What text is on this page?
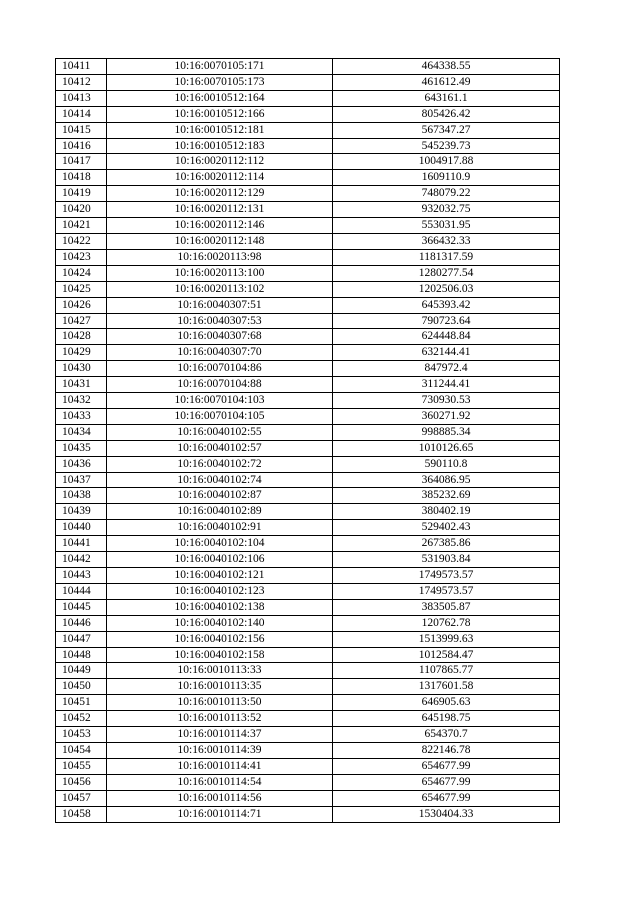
10411	10:16:0070105:171	464338.55
10412	10:16:0070105:173	461612.49
10413	10:16:0010512:164	643161.1
10414	10:16:0010512:166	805426.42
10415	10:16:0010512:181	567347.27
10416	10:16:0010512:183	545239.73
10417	10:16:0020112:112	1004917.88
10418	10:16:0020112:114	1609110.9
10419	10:16:0020112:129	748079.22
10420	10:16:0020112:131	932032.75
10421	10:16:0020112:146	553031.95
10422	10:16:0020112:148	366432.33
10423	10:16:0020113:98	1181317.59
10424	10:16:0020113:100	1280277.54
10425	10:16:0020113:102	1202506.03
10426	10:16:0040307:51	645393.42
10427	10:16:0040307:53	790723.64
10428	10:16:0040307:68	624448.84
10429	10:16:0040307:70	632144.41
10430	10:16:0070104:86	847972.4
10431	10:16:0070104:88	311244.41
10432	10:16:0070104:103	730930.53
10433	10:16:0070104:105	360271.92
10434	10:16:0040102:55	998885.34
10435	10:16:0040102:57	1010126.65
10436	10:16:0040102:72	590110.8
10437	10:16:0040102:74	364086.95
10438	10:16:0040102:87	385232.69
10439	10:16:0040102:89	380402.19
10440	10:16:0040102:91	529402.43
10441	10:16:0040102:104	267385.86
10442	10:16:0040102:106	531903.84
10443	10:16:0040102:121	1749573.57
10444	10:16:0040102:123	1749573.57
10445	10:16:0040102:138	383505.87
10446	10:16:0040102:140	120762.78
10447	10:16:0040102:156	1513999.63
10448	10:16:0040102:158	1012584.47
10449	10:16:0010113:33	1107865.77
10450	10:16:0010113:35	1317601.58
10451	10:16:0010113:50	646905.63
10452	10:16:0010113:52	645198.75
10453	10:16:0010114:37	654370.7
10454	10:16:0010114:39	822146.78
10455	10:16:0010114:41	654677.99
10456	10:16:0010114:54	654677.99
10457	10:16:0010114:56	654677.99
10458	10:16:0010114:71	1530404.33
